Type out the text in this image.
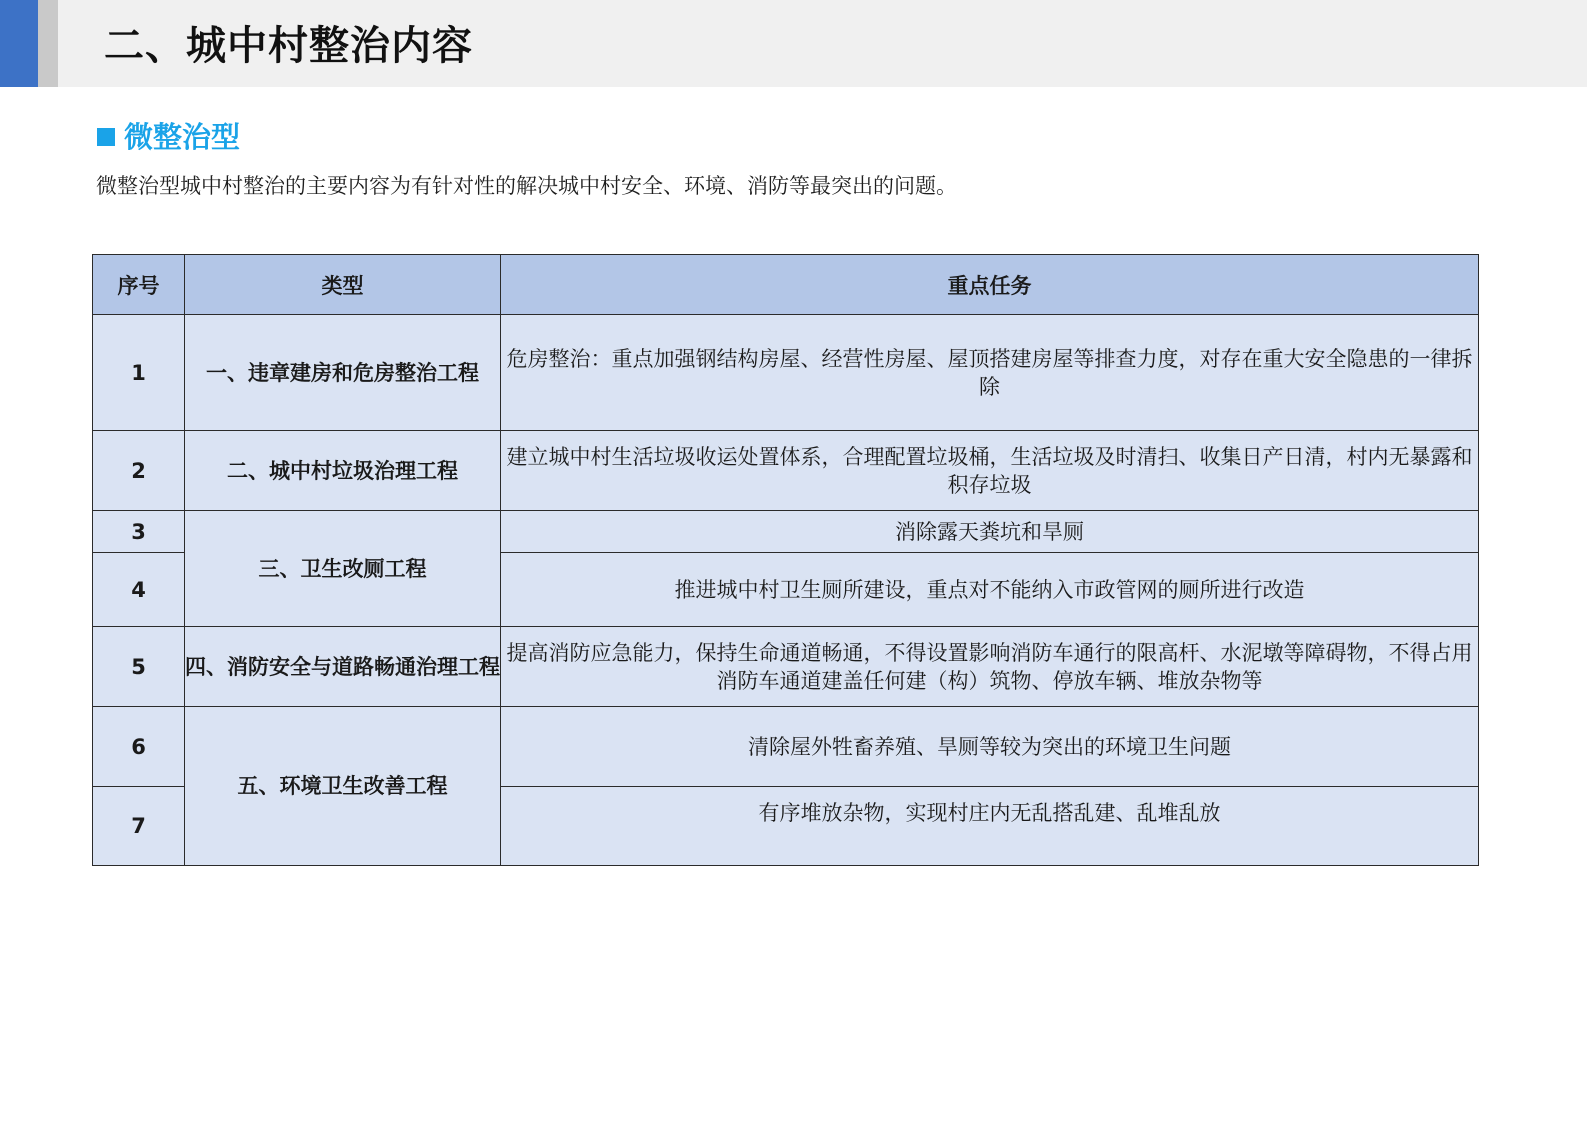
二、城中村整治内容
微整治型
微整治型城中村整治的主要内容为有针对性的解决城中村安全、环境、消防等最突出的问题。
序号	类型	重点任务
1	一、违章建房和危房整治工程	危房整治：重点加强钢结构房屋、经营性房屋、屋顶搭建房屋等排查力度，对存在重大安全隐患的一律拆除
2	二、城中村垃圾治理工程	建立城中村生活垃圾收运处置体系，合理配置垃圾桶，生活垃圾及时清扫、收集日产日清，村内无暴露和积存垃圾
3	三、卫生改厕工程	消除露天粪坑和旱厕
4		推进城中村卫生厕所建设，重点对不能纳入市政管网的厕所进行改造
5	四、消防安全与道路畅通治理工程	提高消防应急能力，保持生命通道畅通，不得设置影响消防车通行的限高杆、水泥墩等障碍物，不得占用消防车通道建盖任何建（构）筑物、停放车辆、堆放杂物等
6	五、环境卫生改善工程	清除屋外牲畜养殖、旱厕等较为突出的环境卫生问题
7		有序堆放杂物，实现村庄内无乱搭乱建、乱堆乱放
